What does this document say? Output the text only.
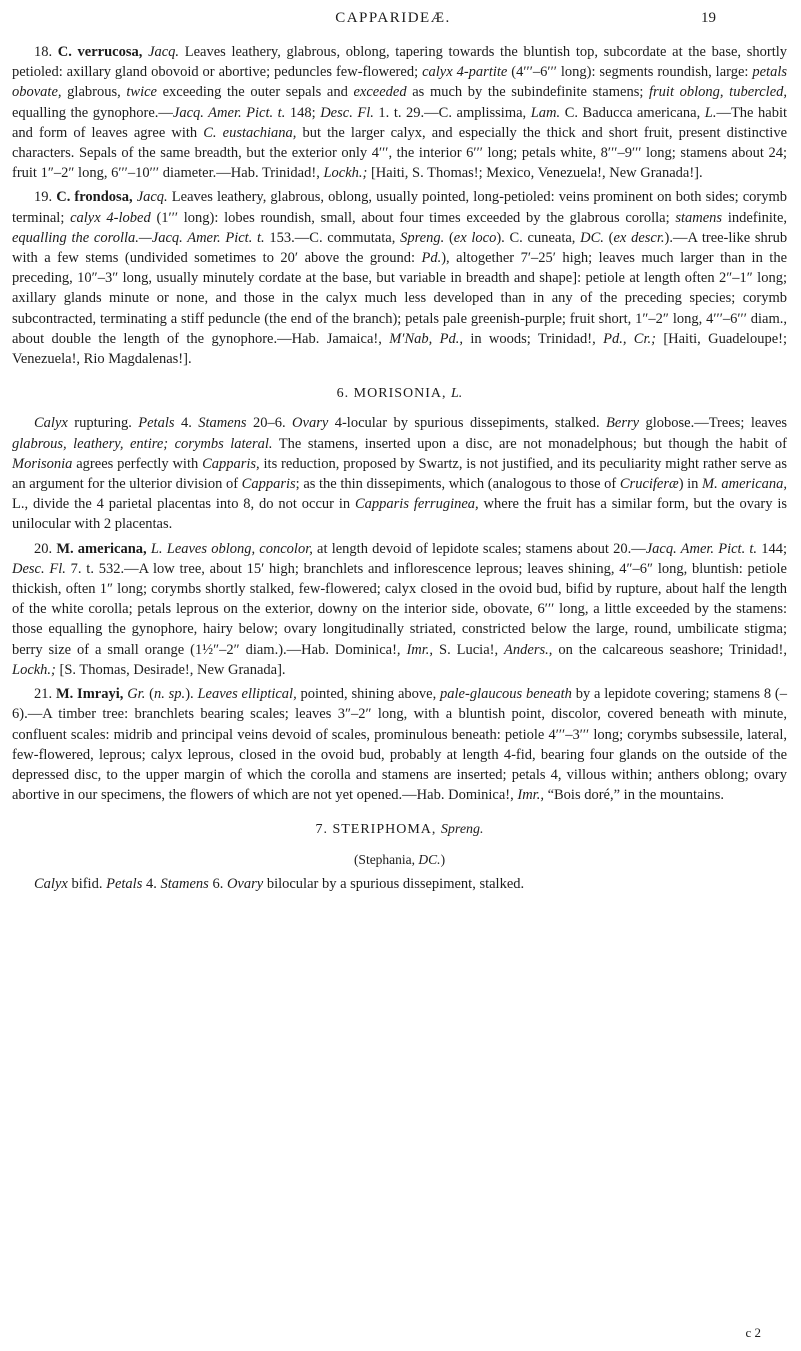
CAPPARIDEÆ.	19

18. C. verrucosa, Jacq. Leaves leathery, glabrous, oblong, tapering towards the bluntish top, subcordate at the base, shortly petioled: axillary gland obovoid or abortive; peduncles few-flowered; calyx 4-partite (4′′′–6′′′ long): segments roundish, large: petals obovate, glabrous, twice exceeding the outer sepals and exceeded as much by the subindefinite stamens; fruit oblong, tubercled, equalling the gynophore.—Jacq. Amer. Pict. t. 148; Desc. Fl. 1. t. 29.—C. amplissima, Lam. C. Baducca americana, L.—The habit and form of leaves agree with C. eustachiana, but the larger calyx, and especially the thick and short fruit, present distinctive characters. Sepals of the same breadth, but the exterior only 4′′′, the interior 6′′′ long; petals white, 8′′′–9′′′ long; stamens about 24; fruit 1″–2″ long, 6′′′–10′′′ diameter.—Hab. Trinidad!, Lockh.; [Haiti, S. Thomas!; Mexico, Venezuela!, New Granada!].

19. C. frondosa, Jacq. Leaves leathery, glabrous, oblong, usually pointed, long-petioled: veins prominent on both sides; corymb terminal; calyx 4-lobed (1′′′ long): lobes roundish, small, about four times exceeded by the glabrous corolla; stamens indefinite, equalling the corolla.—Jacq. Amer. Pict. t. 153.—C. commutata, Spreng. (ex loco). C. cuneata, DC. (ex descr.).—A tree-like shrub with a few stems (undivided sometimes to 20′ above the ground: Pd.), altogether 7′–25′ high; leaves much larger than in the preceding, 10″–3″ long, usually minutely cordate at the base, but variable in breadth and shape]: petiole at length often 2″–1″ long; axillary glands minute or none, and those in the calyx much less developed than in any of the preceding species; corymb subcontracted, terminating a stiff peduncle (the end of the branch); petals pale greenish-purple; fruit short, 1″–2″ long, 4′′′–6′′′ diam., about double the length of the gynophore.—Hab. Jamaica!, M′Nab, Pd., in woods; Trinidad!, Pd., Cr.; [Haiti, Guadeloupe!; Venezuela!, Rio Magdalenas!].

6. MORISONIA, L.

Calyx rupturing. Petals 4. Stamens 20–6. Ovary 4-locular by spurious dissepiments, stalked. Berry globose.—Trees; leaves glabrous, leathery, entire; corymbs lateral. The stamens, inserted upon a disc, are not monadelphous; but though the habit of Morisonia agrees perfectly with Capparis, its reduction, proposed by Swartz, is not justified, and its peculiarity might rather serve as an argument for the ulterior division of Capparis; as the thin dissepiments, which (analogous to those of Cruciferæ) in M. americana, L., divide the 4 parietal placentas into 8, do not occur in Capparis ferruginea, where the fruit has a similar form, but the ovary is unilocular with 2 placentas.

20. M. americana, L. Leaves oblong, concolor, at length devoid of lepidote scales; stamens about 20.—Jacq. Amer. Pict. t. 144; Desc. Fl. 7. t. 532.—A low tree, about 15′ high; branchlets and inflorescence leprous; leaves shining, 4″–6″ long, bluntish: petiole thickish, often 1″ long; corymbs shortly stalked, few-flowered; calyx closed in the ovoid bud, bifid by rupture, about half the length of the white corolla; petals leprous on the exterior, downy on the interior side, obovate, 6′′′ long, a little exceeded by the stamens: those equalling the gynophore, hairy below; ovary longitudinally striated, constricted below the large, round, umbilicate stigma; berry size of a small orange (1½″–2″ diam.).—Hab. Dominica!, Imr., S. Lucia!, Anders., on the calcareous seashore; Trinidad!, Lockh.; [S. Thomas, Desirade!, New Granada].

21. M. Imrayi, Gr. (n. sp.). Leaves elliptical, pointed, shining above, pale-glaucous beneath by a lepidote covering; stamens 8 (–6).—A timber tree: branchlets bearing scales; leaves 3″–2″ long, with a bluntish point, discolor, covered beneath with minute, confluent scales: midrib and principal veins devoid of scales, prominulous beneath: petiole 4′′′–3′′′ long; corymbs subsessile, lateral, few-flowered, leprous; calyx leprous, closed in the ovoid bud, probably at length 4-fid, bearing four glands on the outside of the depressed disc, to the upper margin of which the corolla and stamens are inserted; petals 4, villous within; anthers oblong; ovary abortive in our specimens, the flowers of which are not yet opened.—Hab. Dominica!, Imr., “Bois doré,” in the mountains.

7. STERIPHOMA, Spreng.
(Stephania, DC.)

Calyx bifid. Petals 4. Stamens 6. Ovary bilocular by a spurious dissepiment, stalked.

c 2
